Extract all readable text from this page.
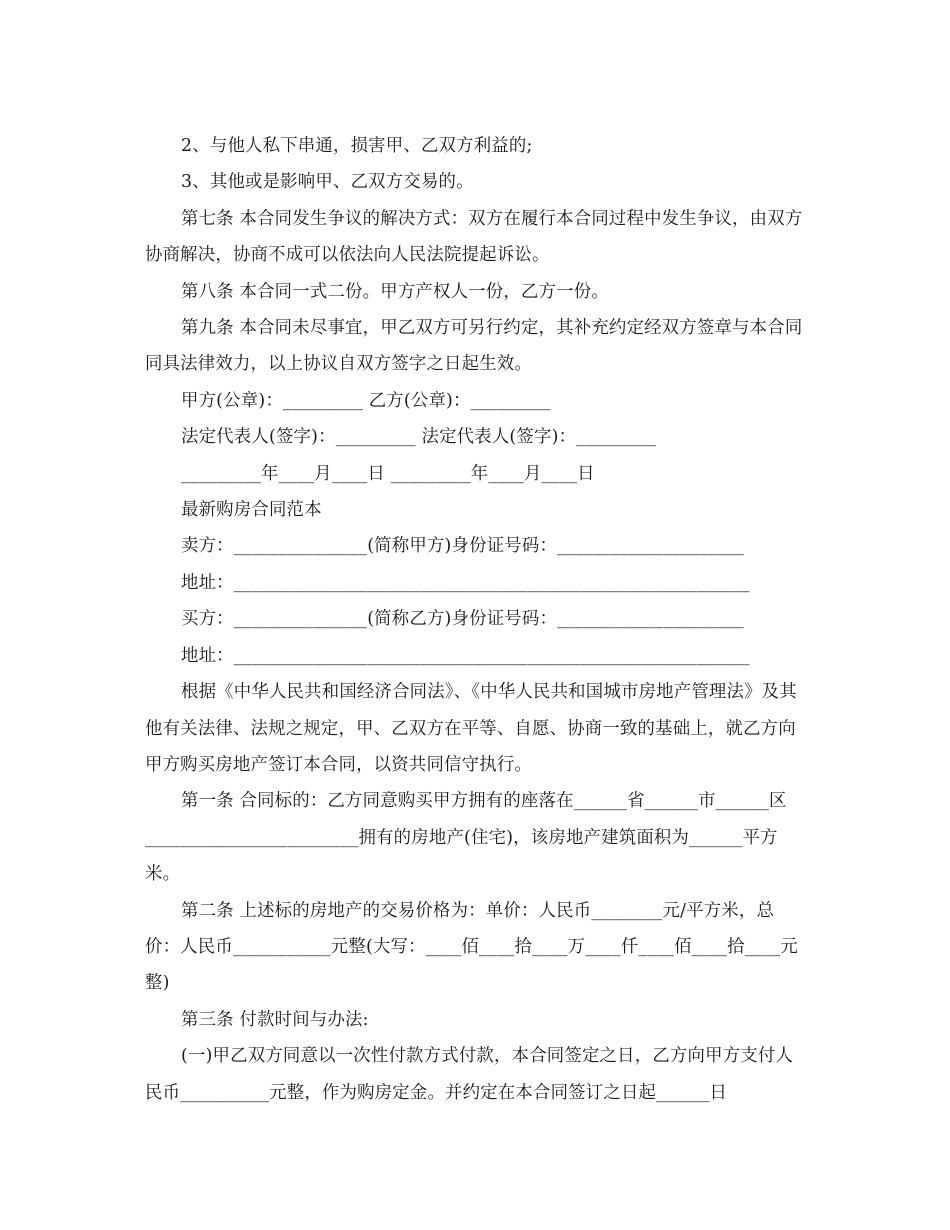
2、与他人私下串通，损害甲、乙双方利益的;

3、其他或是影响甲、乙双方交易的。

第七条 本合同发生争议的解决方式：双方在履行本合同过程中发生争议，由双方协商解决，协商不成可以依法向人民法院提起诉讼。

第八条 本合同一式二份。甲方产权人一份，乙方一份。

第九条 本合同未尽事宜，甲乙双方可另行约定，其补充约定经双方签章与本合同同具法律效力，以上协议自双方签字之日起生效。

甲方(公章)：_________ 乙方(公章)：_________

法定代表人(签字)：_________ 法定代表人(签字)：_________

_________年____月____日 _________年____月____日

最新购房合同范本

卖方：_______________(简称甲方)身份证号码：_____________________

地址：__________________________________________________________

买方：_______________(简称乙方)身份证号码：_____________________

地址：__________________________________________________________

根据《中华人民共和国经济合同法》、《中华人民共和国城市房地产管理法》及其他有关法律、法规之规定，甲、乙双方在平等、自愿、协商一致的基础上，就乙方向甲方购买房地产签订本合同，以资共同信守执行。

第一条 合同标的：乙方同意购买甲方拥有的座落在______省______市______区________________________拥有的房地产(住宅)，该房地产建筑面积为______平方米。

第二条 上述标的房地产的交易价格为：单价：人民币________元/平方米，总价：人民币___________元整(大写：____佰____拾____万____仟____佰____拾____元整)

第三条 付款时间与办法:

(一)甲乙双方同意以一次性付款方式付款，本合同签定之日，乙方向甲方支付人民币__________元整，作为购房定金。并约定在本合同签订之日起______日
